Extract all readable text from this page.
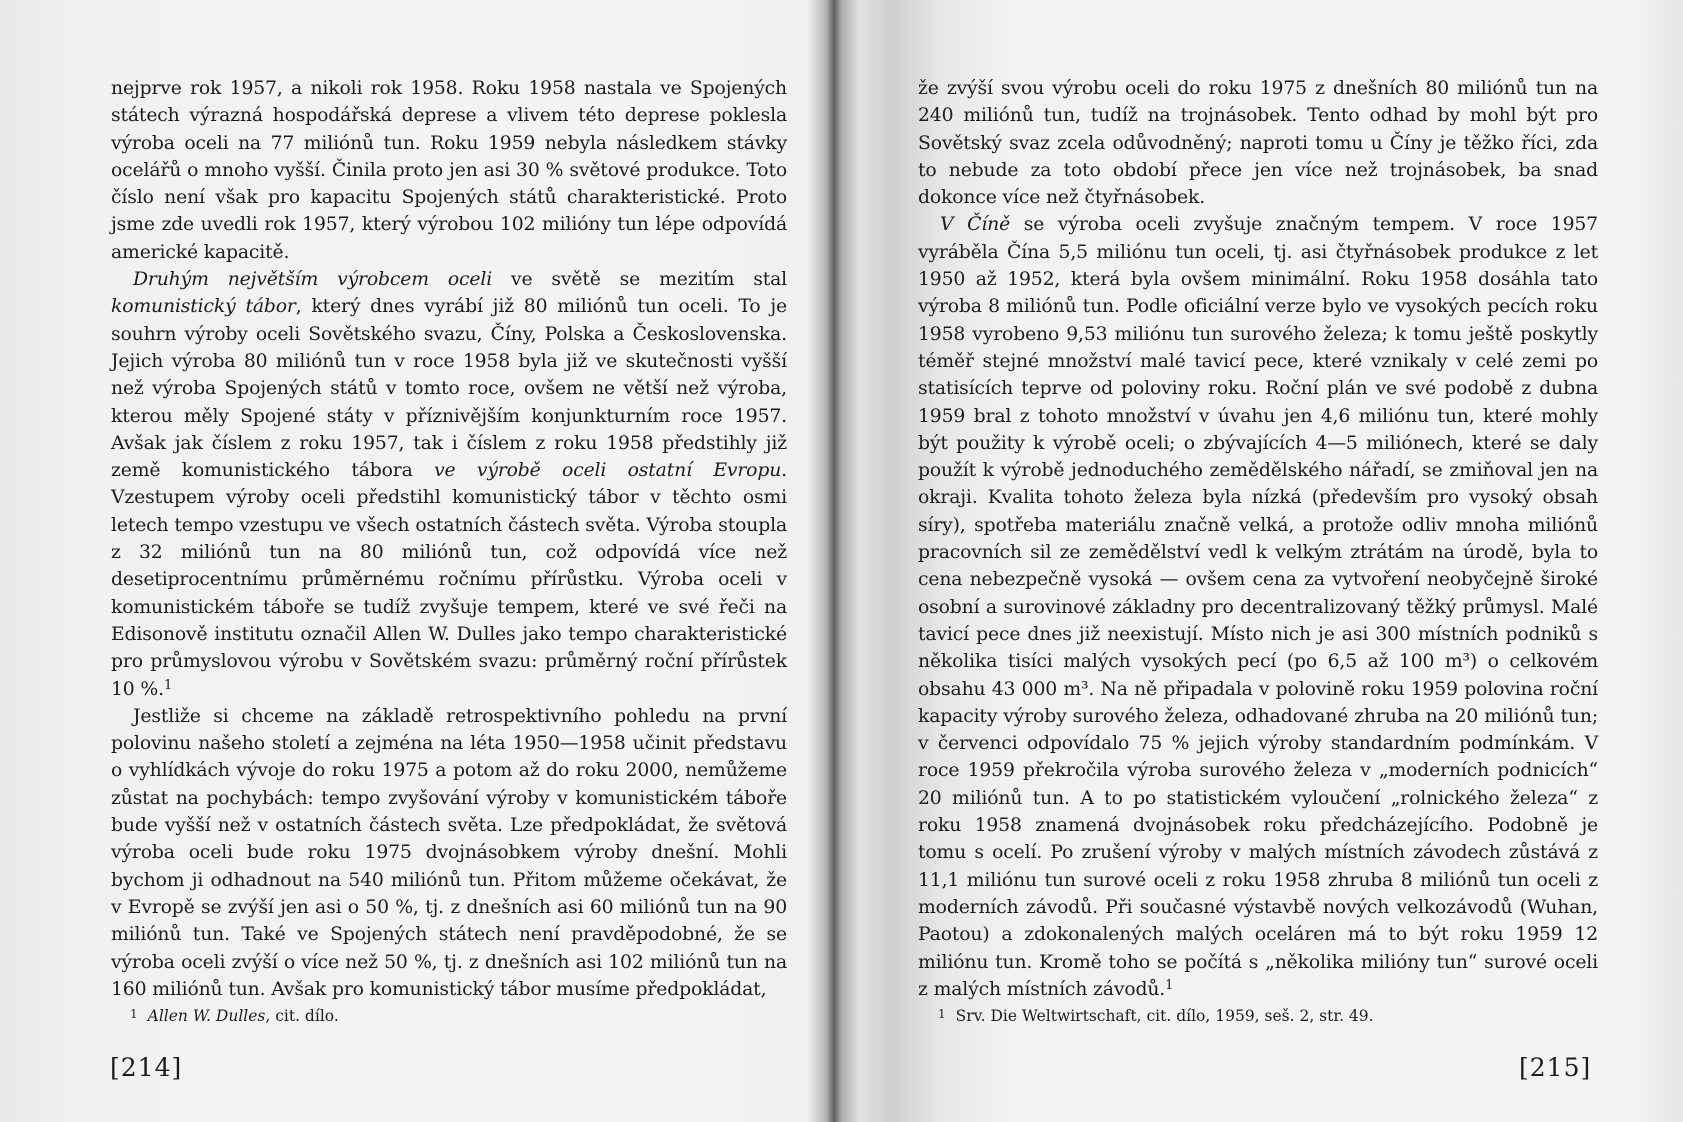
nejprve rok 1957, a nikoli rok 1958. Roku 1958 nastala ve Spojených státech výrazná hospodářská deprese a vlivem této deprese poklesla výroba oceli na 77 miliónů tun. Roku 1959 nebyla následkem stávky ocelářů o mnoho vyšší. Činila proto jen asi 30 % světové produkce. Toto číslo není však pro kapacitu Spojených států charakteristické. Proto jsme zde uvedli rok 1957, který výrobou 102 milióny tun lépe odpovídá americké kapacitě.

Druhým největším výrobcem oceli ve světě se mezitím stal komunistický tábor, který dnes vyrábí již 80 miliónů tun oceli. To je souhrn výroby oceli Sovětského svazu, Číny, Polska a Československa. Jejich výroba 80 miliónů tun v roce 1958 byla již ve skutečnosti vyšší než výroba Spojených států v tomto roce, ovšem ne větší než výroba, kterou měly Spojené státy v příznivějším konjunkturním roce 1957. Avšak jak číslem z roku 1957, tak i číslem z roku 1958 předstihly již země komunistického tábora ve výrobě oceli ostatní Evropu. Vzestupem výroby oceli předstihl komunistický tábor v těchto osmi letech tempo vzestupu ve všech ostatních částech světa. Výroba stoupla z 32 miliónů tun na 80 miliónů tun, což odpovídá více než desetiprocentnímu průměrnému ročnímu přírůstku. Výroba oceli v komunistickém táboře se tudíž zvyšuje tempem, které ve své řeči na Edisonově institutu označil Allen W. Dulles jako tempo charakteristické pro průmyslovou výrobu v Sovětském svazu: průměrný roční přírůstek 10 %.$^1$

Jestliže si chceme na základě retrospektivního pohledu na první polovinu našeho století a zejména na léta 1950—1958 učinit představu o vyhlídkách vývoje do roku 1975 a potom až do roku 2000, nemůžeme zůstat na pochybách: tempo zvyšování výroby v komunistickém táboře bude vyšší než v ostatních částech světa. Lze předpokládat, že světová výroba oceli bude roku 1975 dvojnásobkem výroby dnešní. Mohli bychom ji odhadnout na 540 miliónů tun. Přitom můžeme očekávat, že v Evropě se zvýší jen asi o 50 %, tj. z dnešních asi 60 miliónů tun na 90 miliónů tun. Také ve Spojených státech není pravděpodobné, že se výroba oceli zvýší o více než 50 %, tj. z dnešních asi 102 miliónů tun na 160 miliónů tun. Avšak pro komunistický tábor musíme předpokládat,

1 Allen W. Dulles, cit. dílo.
[214]

že zvýší svou výrobu oceli do roku 1975 z dnešních 80 miliónů tun na 240 miliónů tun, tudíž na trojnásobek. Tento odhad by mohl být pro Sovětský svaz zcela odůvodněný; naproti tomu u Číny je těžko říci, zda to nebude za toto období přece jen více než trojnásobek, ba snad dokonce více než čtyřnásobek.

V Číně se výroba oceli zvyšuje značným tempem. V roce 1957 vyráběla Čína 5,5 miliónu tun oceli, tj. asi čtyřnásobek produkce z let 1950 až 1952, která byla ovšem minimální. Roku 1958 dosáhla tato výroba 8 miliónů tun. Podle oficiální verze bylo ve vysokých pecích roku 1958 vyrobeno 9,53 miliónu tun surového železa; k tomu ještě poskytly téměř stejné množství malé tavicí pece, které vznikaly v celé zemi po statisících teprve od poloviny roku. Roční plán ve své podobě z dubna 1959 bral z tohoto množství v úvahu jen 4,6 miliónu tun, které mohly být použity k výrobě oceli; o zbývajících 4—5 miliónech, které se daly použít k výrobě jednoduchého zemědělského nářadí, se zmiňoval jen na okraji. Kvalita tohoto železa byla nízká (především pro vysoký obsah síry), spotřeba materiálu značně velká, a protože odliv mnoha miliónů pracovních sil ze zemědělství vedl k velkým ztrátám na úrodě, byla to cena nebezpečně vysoká — ovšem cena za vytvoření neobyčejně široké osobní a surovinové základny pro decentralizovaný těžký průmysl. Malé tavicí pece dnes již neexistují. Místo nich je asi 300 místních podniků s několika tisíci malých vysokých pecí (po 6,5 až 100 m³) o celkovém obsahu 43 000 m³. Na ně připadala v polovině roku 1959 polovina roční kapacity výroby surového železa, odhadované zhruba na 20 miliónů tun; v červenci odpovídalo 75 % jejich výroby standardním podmínkám. V roce 1959 překročila výroba surového železa v „moderních podnicích“ 20 miliónů tun. A to po statistickém vyloučení „rolnického železa“ z roku 1958 znamená dvojnásobek roku předcházejícího. Podobně je tomu s ocelí. Po zrušení výroby v malých místních závodech zůstává z 11,1 miliónu tun surové oceli z roku 1958 zhruba 8 miliónů tun oceli z moderních závodů. Při současné výstavbě nových velkozávodů (Wuhan, Paotou) a zdokonalených malých oceláren má to být roku 1959 12 miliónu tun. Kromě toho se počítá s „několika milióny tun“ surové oceli z malých místních závodů.$^1$

1 Srv. Die Weltwirtschaft, cit. dílo, 1959, seš. 2, str. 49.
[215]
